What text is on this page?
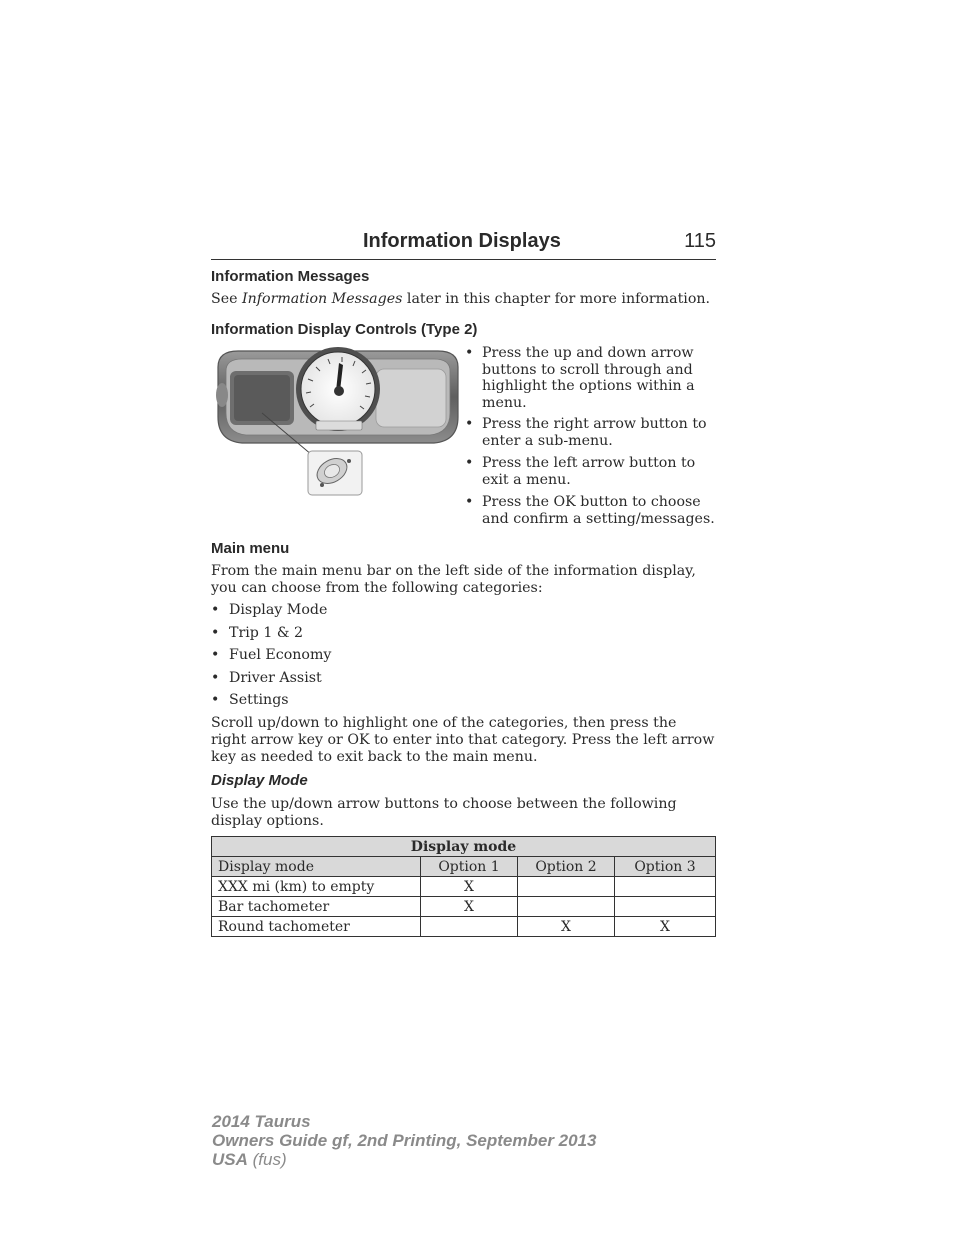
Information Displays	115
Information Messages
See Information Messages later in this chapter for more information.
Information Display Controls (Type 2)
• Press the up and down arrow buttons to scroll through and highlight the options within a menu.
• Press the right arrow button to enter a sub-menu.
• Press the left arrow button to exit a menu.
• Press the OK button to choose and confirm a setting/messages.
Main menu
From the main menu bar on the left side of the information display, you can choose from the following categories:
• Display Mode
• Trip 1 & 2
• Fuel Economy
• Driver Assist
• Settings
Scroll up/down to highlight one of the categories, then press the right arrow key or OK to enter into that category. Press the left arrow key as needed to exit back to the main menu.
Display Mode
Use the up/down arrow buttons to choose between the following display options.
Display mode			
Display mode	Option 1	Option 2	Option 3
XXX mi (km) to empty	X		
Bar tachometer	X		
Round tachometer		X	X
2014 Taurus
Owners Guide gf, 2nd Printing, September 2013
USA (fus)
